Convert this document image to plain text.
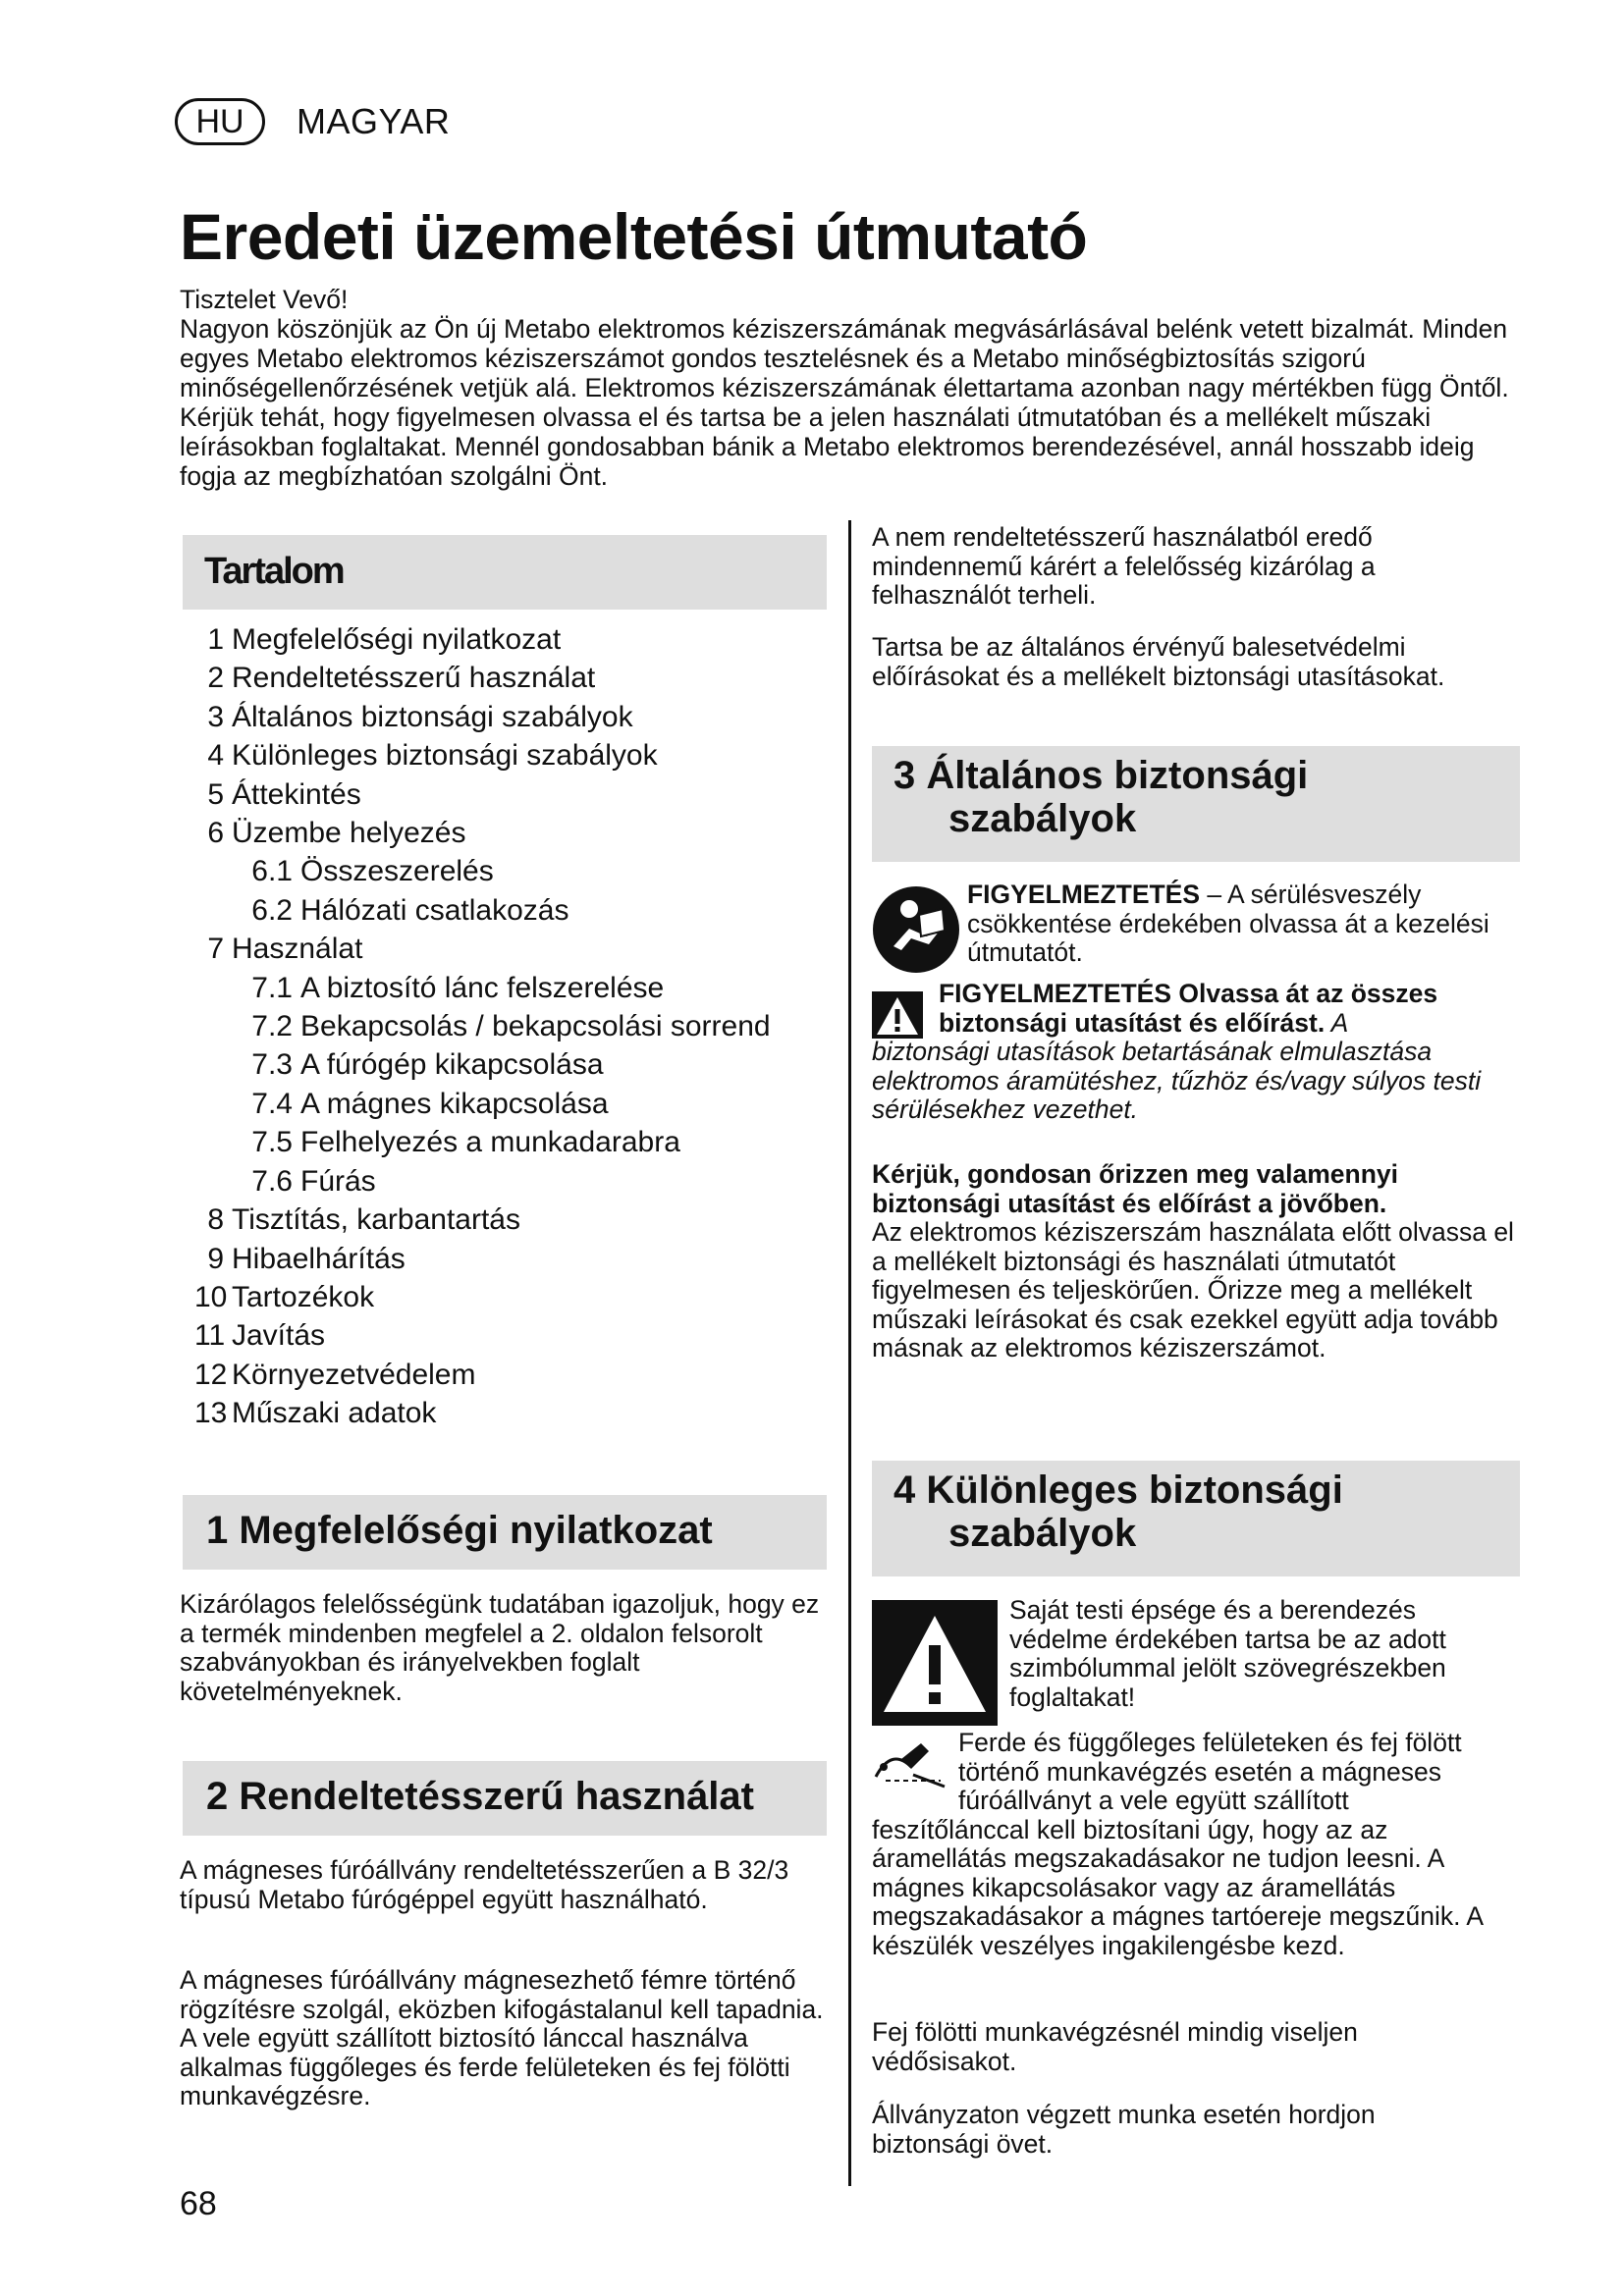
HU	MAGYAR
Eredeti üzemeltetési útmutató

Tisztelet Vevő!

Nagyon köszönjük az Ön új Metabo elektromos kéziszerszámának megvásárlásával belénk vetett bizalmát. Minden egyes Metabo elektromos kéziszerszámot gondos tesztelésnek és a Metabo minőségbiztosítás szigorú minőségellenőrzésének vetjük alá. Elektromos kéziszerszámának élettartama azonban nagy mértékben függ Öntől. Kérjük tehát, hogy figyelmesen olvassa el és tartsa be a jelen használati útmutatóban és a mellékelt műszaki leírásokban foglaltakat. Mennél gondosabban bánik a Metabo elektromos berendezésével, annál hosszabb ideig fogja az megbízhatóan szolgálni Önt.

Tartalom
1 Megfelelőségi nyilatkozat
2 Rendeltetésszerű használat
3 Általános biztonsági szabályok
4 Különleges biztonsági szabályok
5 Áttekintés
6 Üzembe helyezés
6.1 Összeszerelés
6.2 Hálózati csatlakozás
7 Használat
7.1 A biztosító lánc felszerelése
7.2 Bekapcsolás / bekapcsolási sorrend
7.3 A fúrógép kikapcsolása
7.4 A mágnes kikapcsolása
7.5 Felhelyezés a munkadarabra
7.6 Fúrás
8 Tisztítás, karbantartás
9 Hibaelhárítás
10 Tartozékok
11 Javítás
12 Környezetvédelem
13 Műszaki adatok
1 Megfelelőségi nyilatkozat

Kizárólagos felelősségünk tudatában igazoljuk, hogy ez a termék mindenben megfelel a 2. oldalon felsorolt szabványokban és irányelvekben foglalt követelményeknek.

2 Rendeltetésszerű használat

A mágneses fúróállvány rendeltetésszerűen a B 32/3 típusú Metabo fúrógéppel együtt használható.

A mágneses fúróállvány mágnesezhető fémre történő rögzítésre szolgál, eközben kifogástalanul kell tapadnia. A vele együtt szállított biztosító lánccal használva alkalmas függőleges és ferde felületeken és fej fölötti munkavégzésre.

A nem rendeltetésszerű használatból eredő mindennemű kárért a felelősség kizárólag a felhasználót terheli.

Tartsa be az általános érvényű balesetvédelmi előírásokat és a mellékelt biztonsági utasításokat.

3 Általános biztonsági
szabályok

FIGYELMEZTETÉS – A sérülésveszély csökkentése érdekében olvassa át a kezelési útmutatót.

FIGYELMEZTETÉS Olvassa át az összes
biztonsági utasítást és előírást. A
biztonsági utasítások betartásának elmulasztása elektromos áramütéshez, tűzhöz és/vagy súlyos testi sérülésekhez vezethet.

Kérjük, gondosan őrizzen meg valamennyi biztonsági utasítást és előírást a jövőben.
Az elektromos kéziszerszám használata előtt olvassa el a mellékelt biztonsági és használati útmutatót figyelmesen és teljeskörűen. Őrizze meg a mellékelt műszaki leírásokat és csak ezekkel együtt adja tovább másnak az elektromos kéziszerszámot.

4 Különleges biztonsági
szabályok

Saját testi épsége és a berendezés védelme érdekében tartsa be az adott szimbólummal jelölt szövegrészekben foglaltakat!

Ferde és függőleges felületeken és fej fölött
történő munkavégzés esetén a mágneses
fúróállványt a vele együtt szállított
feszítőlánccal kell biztosítani úgy, hogy az az áramellátás megszakadásakor ne tudjon leesni. A mágnes kikapcsolásakor vagy az áramellátás megszakadásakor a mágnes tartóereje megszűnik. A készülék veszélyes ingakilengésbe kezd.

Fej fölötti munkavégzésnél mindig viseljen védősisakot.

Állványzaton végzett munka esetén hordjon biztonsági övet.

68
